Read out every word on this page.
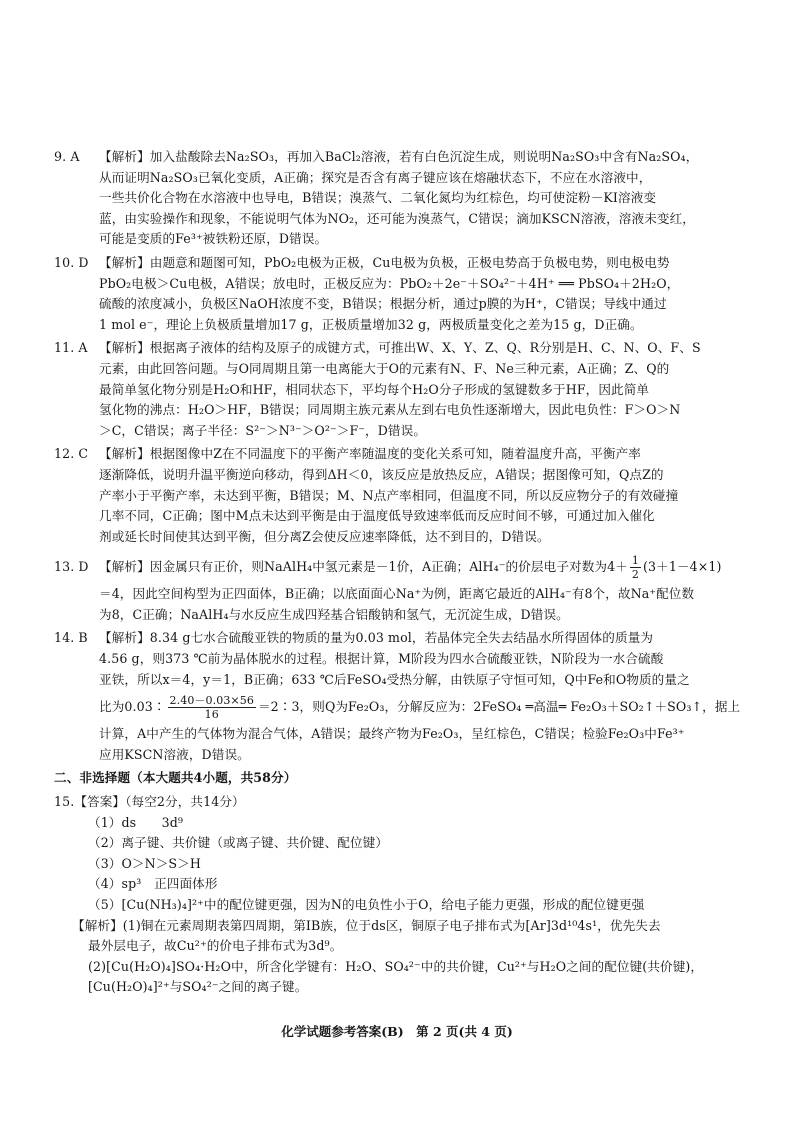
9. A 【解析】加入盐酸除去Na₂SO₃，再加入BaCl₂溶液，若有白色沉淀生成，则说明Na₂SO₃中含有Na₂SO₄，
从而证明Na₂SO₃已氧化变质，A正确；探究是否含有离子键应该在熔融状态下，不应在水溶液中，
一些共价化合物在水溶液中也导电，B错误；溴蒸气、二氧化氮均为红棕色，均可使淀粉－KI溶液变
蓝，由实验操作和现象，不能说明气体为NO₂，还可能为溴蒸气，C错误；滴加KSCN溶液，溶液未变红，
可能是变质的Fe³⁺被铁粉还原，D错误。
10. D 【解析】由题意和题图可知，PbO₂电极为正极，Cu电极为负极，正极电势高于负极电势，则电极电势
PbO₂电极＞Cu电极，A错误；放电时，正极反应为：PbO₂＋2e⁻＋SO₄²⁻＋4H⁺ ══ PbSO₄＋2H₂O，
硫酸的浓度减小，负极区NaOH浓度不变，B错误；根据分析，通过p膜的为H⁺，C错误；导线中通过
1 mol e⁻，理论上负极质量增加17 g，正极质量增加32 g，两极质量变化之差为15 g，D正确。
11. A 【解析】根据离子液体的结构及原子的成键方式，可推出W、X、Y、Z、Q、R分别是H、C、N、O、F、S
元素，由此回答问题。与O同周期且第一电离能大于O的元素有N、F、Ne三种元素，A正确；Z、Q的
最简单氢化物分别是H₂O和HF，相同状态下，平均每个H₂O分子形成的氢键数多于HF，因此简单
氢化物的沸点：H₂O＞HF，B错误；同周期主族元素从左到右电负性逐渐增大，因此电负性：F＞O＞N
＞C，C错误；离子半径：S²⁻＞N³⁻＞O²⁻＞F⁻，D错误。
12. C 【解析】根据图像中Z在不同温度下的平衡产率随温度的变化关系可知，随着温度升高，平衡产率
逐渐降低，说明升温平衡逆向移动，得到ΔH＜0，该反应是放热反应，A错误；据图像可知，Q点Z的
产率小于平衡产率，未达到平衡，B错误；M、N点产率相同，但温度不同，所以反应物分子的有效碰撞
几率不同，C正确；图中M点未达到平衡是由于温度低导致速率低而反应时间不够，可通过加入催化
剂或延长时间使其达到平衡，但分离Z会使反应速率降低，达不到目的，D错误。
13. D 【解析】因金属只有正价，则NaAlH₄中氢元素是－1价，A正确；AlH₄⁻的价层电子对数为$4+ \frac{1}{2} (3+1-4\times 1)$
＝4，因此空间构型为正四面体，B正确；以底面面心Na⁺为例，距离它最近的AlH₄⁻有8个，故Na⁺配位数
为8，C正确；NaAlH₄与水反应生成四羟基合铝酸钠和氢气，无沉淀生成，D错误。
14. B 【解析】8.34 g七水合硫酸亚铁的物质的量为0.03 mol，若晶体完全失去结晶水所得固体的质量为
4.56 g，则373 ℃前为晶体脱水的过程。根据计算，M阶段为四水合硫酸亚铁，N阶段为一水合硫酸
亚铁，所以x＝4，y＝1，B正确；633 ℃后FeSO₄受热分解，由铁原子守恒可知，Q中Fe和O物质的量之
比为0.03∶ $\frac{2.40-0.03\times 56}{16}$ ＝2∶3，则Q为Fe₂O₃，分解反应为：2FeSO₄ ═高温═ Fe₂O₃＋SO₂↑＋SO₃↑，据上
计算，A中产生的气体物为混合气体，A错误；最终产物为Fe₂O₃，呈红棕色，C错误；检验Fe₂O₃中Fe³⁺
应用KSCN溶液，D错误。
二、非选择题（本大题共4小题，共58分）
15.【答案】（每空2分，共14分）
（1）ds　　3d⁹
（2）离子键、共价键（或离子键、共价键、配位键）
（3）O＞N＞S＞H
（4）sp³　正四面体形
（5）[Cu(NH₃)₄]²⁺中的配位键更强，因为N的电负性小于O，给电子能力更强，形成的配位键更强
【解析】(1)铜在元素周期表第四周期，第ⅠB族，位于ds区，铜原子电子排布式为[Ar]3d¹⁰4s¹，优先失去
最外层电子，故Cu²⁺的价电子排布式为3d⁹。
(2)[Cu(H₂O)₄]SO₄·H₂O中，所含化学键有：H₂O、SO₄²⁻中的共价键，Cu²⁺与H₂O之间的配位键(共价键)，
[Cu(H₂O)₄]²⁺与SO₄²⁻之间的离子键。
化学试题参考答案(B)　第 2 页(共 4 页)
